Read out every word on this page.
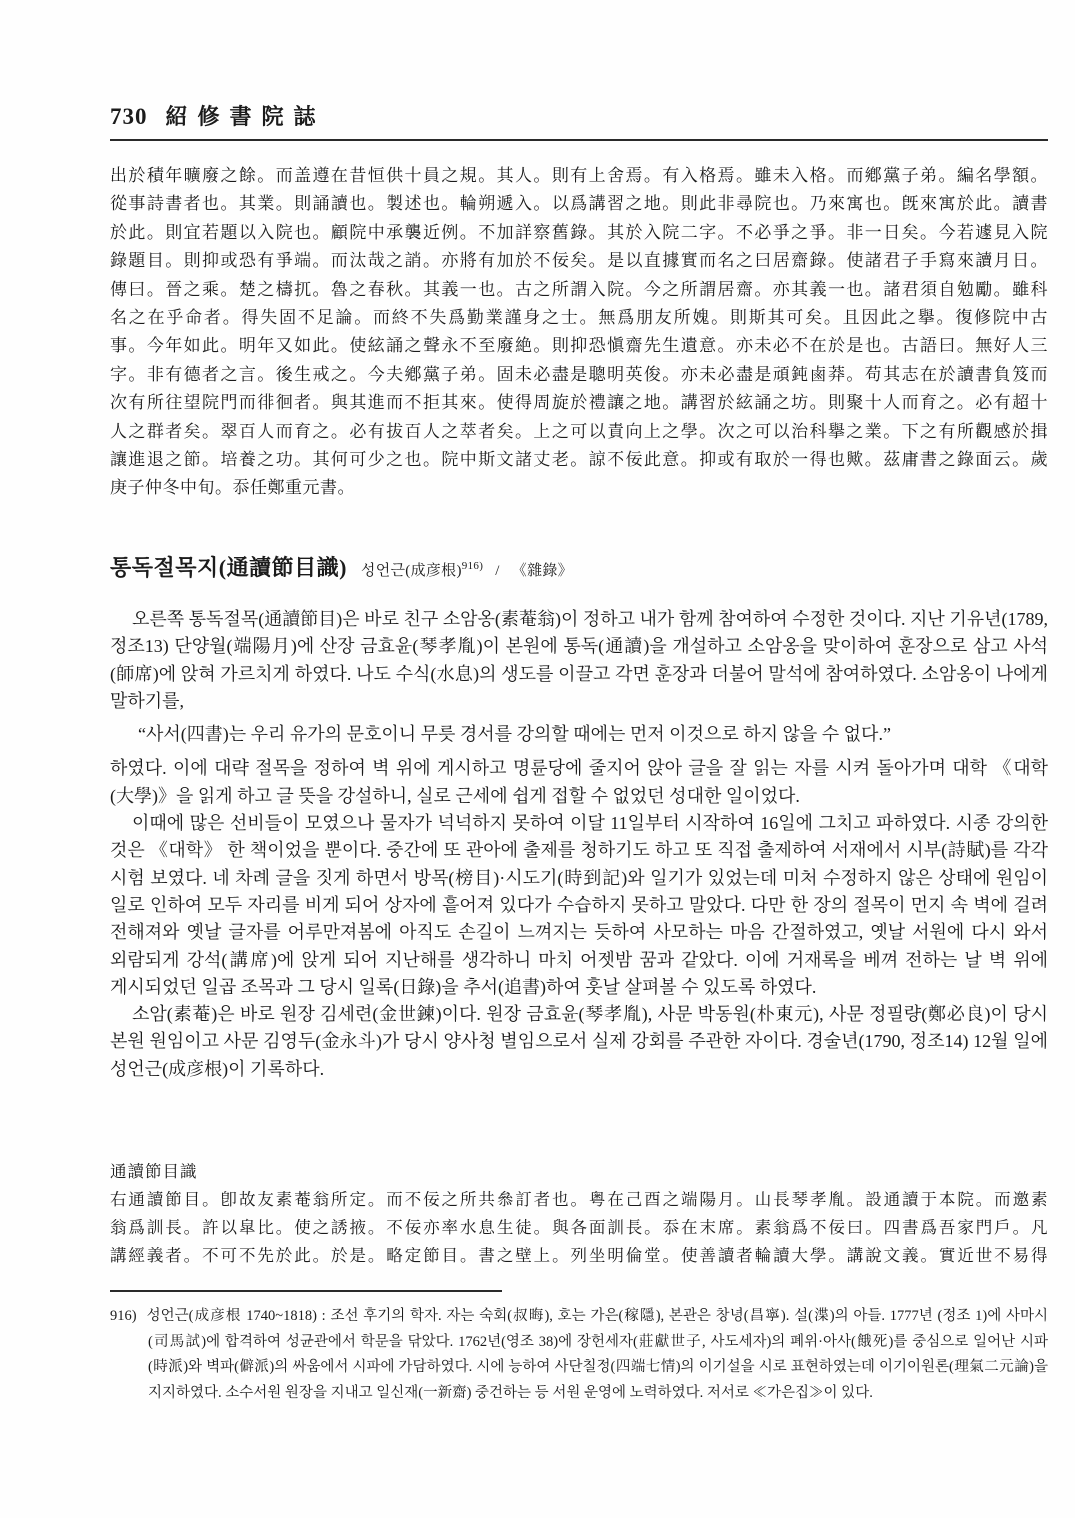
730 紹修書院誌
出於積年曠廢之餘。而盖遵在昔恒供十員之規。其人。則有上舍焉。有入格焉。雖未入格。而鄕黨子弟。編名學額。
從事詩書者也。其業。則誦讀也。製述也。輪朔遞入。以爲講習之地。則此非尋院也。乃來寓也。旣來寓於此。讀書
於此。則宜若題以入院也。顧院中承襲近例。不加詳察舊錄。其於入院二字。不必爭之爭。非一日矣。今若遽見入院
錄題目。則抑或恐有爭端。而汰哉之誚。亦將有加於不佞矣。是以直據實而名之曰居齋錄。使諸君子手寫來讀月日。
傳曰。晉之乘。楚之檮扤。魯之春秋。其義一也。古之所謂入院。今之所謂居齋。亦其義一也。諸君須自勉勵。雖科
名之在乎命者。得失固不足論。而終不失爲勤業謹身之士。無爲朋友所媿。則斯其可矣。且因此之擧。復修院中古
事。今年如此。明年又如此。使絃誦之聲永不至廢絶。則抑恐愼齋先生遺意。亦未必不在於是也。古語曰。無好人三
字。非有德者之言。後生戒之。今夫鄕黨子弟。固未必盡是聰明英俊。亦未必盡是頑鈍鹵莽。苟其志在於讀書負笈而
次有所往望院門而徘徊者。與其進而不拒其來。使得周旋於禮讓之地。講習於絃誦之坊。則聚十人而育之。必有超十
人之群者矣。翠百人而育之。必有拔百人之萃者矣。上之可以責向上之學。次之可以治科擧之業。下之有所觀感於揖
讓進退之節。培養之功。其何可少之也。院中斯文諸丈老。諒不佞此意。抑或有取於一得也歟。茲庸書之錄面云。歲
庚子仲冬中旬。忝任鄭重元書。
통독절목지(通讀節目識) 성언근(成彦根)$^{916)}$ / 《雜錄》

오른쪽 통독절목(通讀節目)은 바로 친구 소암옹(素菴翁)이 정하고 내가 함께 참여하여 수정한 것이다. 지난 기유년(1789, 정조13) 단양월(端陽月)에 산장 금효윤(琴孝胤)이 본원에 통독(通讀)을 개설하고 소암옹을 맞이하여 훈장으로 삼고 사석(師席)에 앉혀 가르치게 하였다. 나도 수식(水息)의 생도를 이끌고 각면 훈장과 더불어 말석에 참여하였다. 소암옹이 나에게 말하기를,

“사서(四書)는 우리 유가의 문호이니 무릇 경서를 강의할 때에는 먼저 이것으로 하지 않을 수 없다.”

하였다. 이에 대략 절목을 정하여 벽 위에 게시하고 명륜당에 줄지어 앉아 글을 잘 읽는 자를 시켜 돌아가며 대학 《대학(大學)》을 읽게 하고 글 뜻을 강설하니, 실로 근세에 쉽게 접할 수 없었던 성대한 일이었다.

이때에 많은 선비들이 모였으나 물자가 넉넉하지 못하여 이달 11일부터 시작하여 16일에 그치고 파하였다. 시종 강의한 것은 《대학》 한 책이었을 뿐이다. 중간에 또 관아에 출제를 청하기도 하고 또 직접 출제하여 서재에서 시부(詩賦)를 각각 시험 보였다. 네 차례 글을 짓게 하면서 방목(榜目)·시도기(時到記)와 일기가 있었는데 미처 수정하지 않은 상태에 원임이 일로 인하여 모두 자리를 비게 되어 상자에 흩어져 있다가 수습하지 못하고 말았다. 다만 한 장의 절목이 먼지 속 벽에 걸려 전해져와 옛날 글자를 어루만져봄에 아직도 손길이 느껴지는 듯하여 사모하는 마음 간절하였고, 옛날 서원에 다시 와서 외람되게 강석(講席)에 앉게 되어 지난해를 생각하니 마치 어젯밤 꿈과 같았다. 이에 거재록을 베껴 전하는 날 벽 위에 게시되었던 일곱 조목과 그 당시 일록(日錄)을 추서(追書)하여 훗날 살펴볼 수 있도록 하였다.

소암(素菴)은 바로 원장 김세련(金世鍊)이다. 원장 금효윤(琴孝胤), 사문 박동원(朴東元), 사문 정필량(鄭必良)이 당시 본원 원임이고 사문 김영두(金永斗)가 당시 양사청 별임으로서 실제 강회를 주관한 자이다. 경술년(1790, 정조14) 12월 일에 성언근(成彦根)이 기록하다.

通讀節目識
右通讀節目。卽故友素菴翁所定。而不佞之所共叅訂者也。粤在己酉之端陽月。山長琴孝胤。設通讀于本院。而邀素
翁爲訓長。許以皐比。使之誘掖。不佞亦率水息生徒。與各面訓長。忝在末席。素翁爲不佞曰。四書爲吾家門戶。凡
講經義者。不可不先於此。於是。略定節目。書之壁上。列坐明倫堂。使善讀者輪讀大學。講說文義。實近世不易得
916) 성언근(成彦根 1740~1818) : 조선 후기의 학자. 자는 숙회(叔晦), 호는 가은(稼隱), 본관은 창녕(昌寧). 설(渫)의 아들. 1777년 (정조 1)에 사마시(司馬試)에 합격하여 성균관에서 학문을 닦았다. 1762년(영조 38)에 장헌세자(莊獻世子, 사도세자)의 폐위·아사(餓死)를 중심으로 일어난 시파(時派)와 벽파(僻派)의 싸움에서 시파에 가담하였다. 시에 능하여 사단칠정(四端七情)의 이기설을 시로 표현하였는데 이기이원론(理氣二元論)을 지지하였다. 소수서원 원장을 지내고 일신재(一新齋) 중건하는 등 서원 운영에 노력하였다. 저서로 ≪가은집≫이 있다.
